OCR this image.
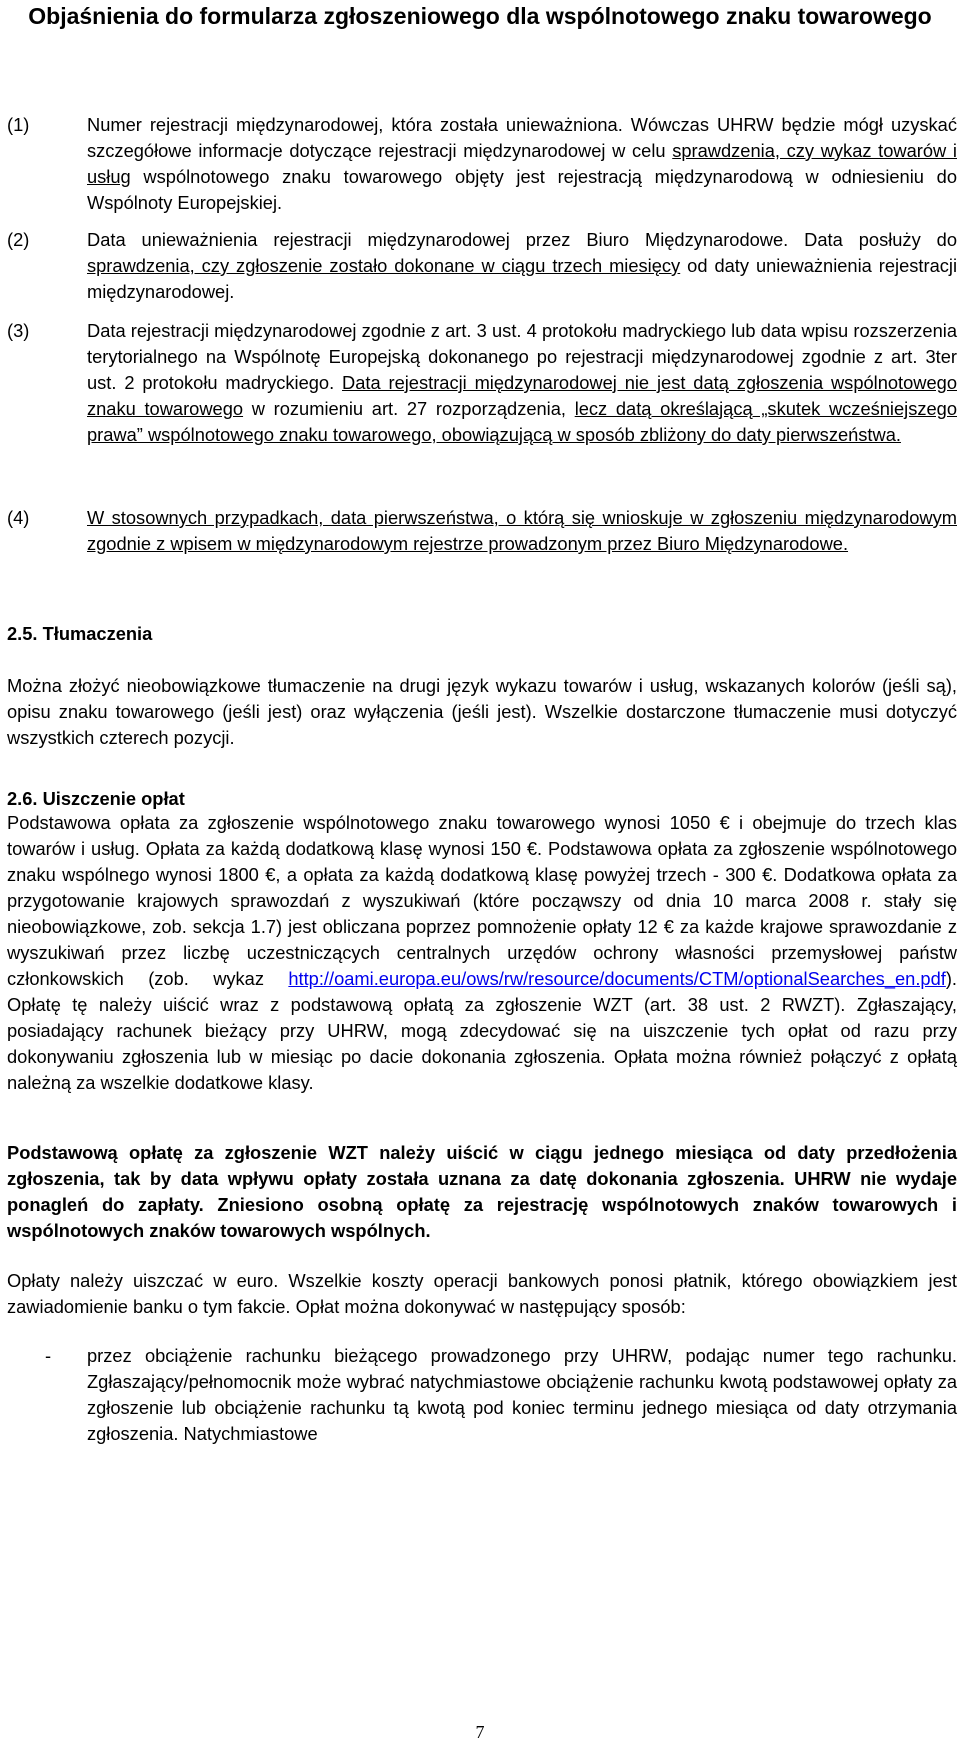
Objaśnienia do formularza zgłoszeniowego dla wspólnotowego znaku towarowego
(1)	Numer rejestracji międzynarodowej, która została unieważniona. Wówczas UHRW będzie mógł uzyskać szczegółowe informacje dotyczące rejestracji międzynarodowej w celu sprawdzenia, czy wykaz towarów i usług wspólnotowego znaku towarowego objęty jest rejestracją międzynarodową w odniesieniu do Wspólnoty Europejskiej.
(2)	Data unieważnienia rejestracji międzynarodowej przez Biuro Międzynarodowe. Data posłuży do sprawdzenia, czy zgłoszenie zostało dokonane w ciągu trzech miesięcy od daty unieważnienia rejestracji międzynarodowej.
(3)	Data rejestracji międzynarodowej zgodnie z art. 3 ust. 4 protokołu madryckiego lub data wpisu rozszerzenia terytorialnego na Wspólnotę Europejską dokonanego po rejestracji międzynarodowej zgodnie z art. 3ter ust. 2 protokołu madryckiego. Data rejestracji międzynarodowej nie jest datą zgłoszenia wspólnotowego znaku towarowego w rozumieniu art. 27 rozporządzenia, lecz datą określającą „skutek wcześniejszego prawa” wspólnotowego znaku towarowego, obowiązującą w sposób zbliżony do daty pierwszeństwa.
(4)	W stosownych przypadkach, data pierwszeństwa, o którą się wnioskuje w zgłoszeniu międzynarodowym zgodnie z wpisem w międzynarodowym rejestrze prowadzonym przez Biuro Międzynarodowe.
2.5. Tłumaczenia

Można złożyć nieobowiązkowe tłumaczenie na drugi język wykazu towarów i usług, wskazanych kolorów (jeśli są), opisu znaku towarowego (jeśli jest) oraz wyłączenia (jeśli jest). Wszelkie dostarczone tłumaczenie musi dotyczyć wszystkich czterech pozycji.

2.6. Uiszczenie opłat

Podstawowa opłata za zgłoszenie wspólnotowego znaku towarowego wynosi 1050 € i obejmuje do trzech klas towarów i usług. Opłata za każdą dodatkową klasę wynosi 150 €. Podstawowa opłata za zgłoszenie wspólnotowego znaku wspólnego wynosi 1800 €, a opłata za każdą dodatkową klasę powyżej trzech - 300 €. Dodatkowa opłata za przygotowanie krajowych sprawozdań z wyszukiwań (które począwszy od dnia 10 marca 2008 r. stały się nieobowiązkowe, zob. sekcja 1.7) jest obliczana poprzez pomnożenie opłaty 12 € za każde krajowe sprawozdanie z wyszukiwań przez liczbę uczestniczących centralnych urzędów ochrony własności przemysłowej państw członkowskich (zob. wykaz http://oami.europa.eu/ows/rw/resource/documents/CTM/optionalSearches_en.pdf). Opłatę tę należy uiścić wraz z podstawową opłatą za zgłoszenie WZT (art. 38 ust. 2 RWZT). Zgłaszający, posiadający rachunek bieżący przy UHRW, mogą zdecydować się na uiszczenie tych opłat od razu przy dokonywaniu zgłoszenia lub w miesiąc po dacie dokonania zgłoszenia. Opłata można również połączyć z opłatą należną za wszelkie dodatkowe klasy.

Podstawową opłatę za zgłoszenie WZT należy uiścić w ciągu jednego miesiąca od daty przedłożenia zgłoszenia, tak by data wpływu opłaty została uznana za datę dokonania zgłoszenia. UHRW nie wydaje ponagleń do zapłaty. Zniesiono osobną opłatę za rejestrację wspólnotowych znaków towarowych i wspólnotowych znaków towarowych wspólnych.

Opłaty należy uiszczać w euro. Wszelkie koszty operacji bankowych ponosi płatnik, którego obowiązkiem jest zawiadomienie banku o tym fakcie. Opłat można dokonywać w następujący sposób:

- przez obciążenie rachunku bieżącego prowadzonego przy UHRW, podając numer tego rachunku. Zgłaszający/pełnomocnik może wybrać natychmiastowe obciążenie rachunku kwotą podstawowej opłaty za zgłoszenie lub obciążenie rachunku tą kwotą pod koniec terminu jednego miesiąca od daty otrzymania zgłoszenia. Natychmiastowe
7
